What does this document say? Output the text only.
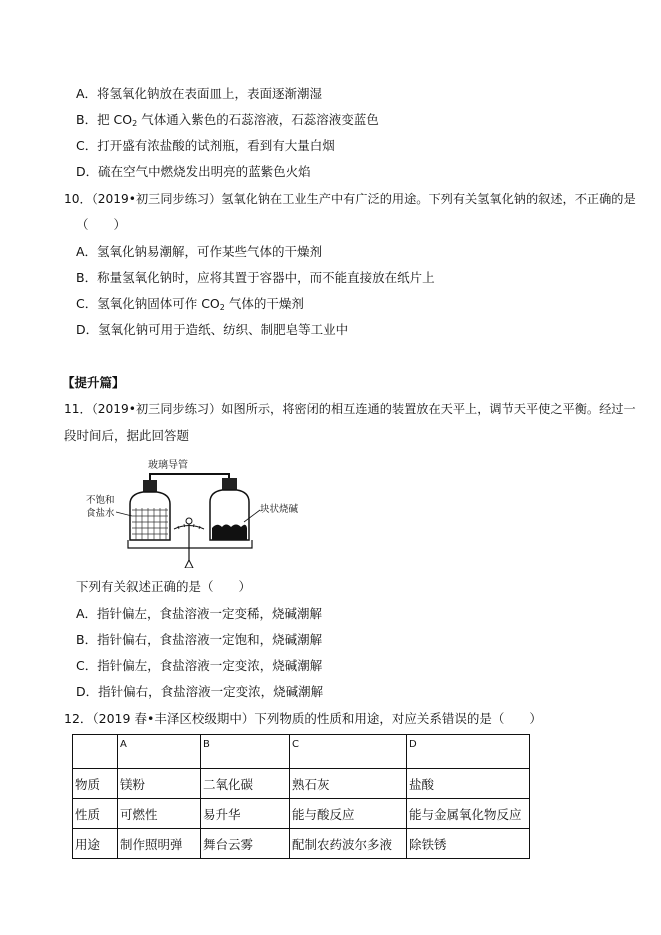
A．将氢氧化钠放在表面皿上，表面逐渐潮湿
B．把 $CO_2$ 气体通入紫色的石蕊溶液，石蕊溶液变蓝色
C．打开盛有浓盐酸的试剂瓶，看到有大量白烟
D．硫在空气中燃烧发出明亮的蓝紫色火焰
10．（2019•初三同步练习）氢氧化钠在工业生产中有广泛的用途。下列有关氢氧化钠的叙述，不正确的是
（　　）
A．氢氧化钠易潮解，可作某些气体的干燥剂
B．称量氢氧化钠时，应将其置于容器中，而不能直接放在纸片上
C．氢氧化钠固体可作 $CO_2$ 气体的干燥剂
D．氢氧化钠可用于造纸、纺织、制肥皂等工业中
【提升篇】
11．（2019•初三同步练习）如图所示，将密闭的相互连通的装置放在天平上，调节天平使之平衡。经过一
段时间后，据此回答题
玻璃导管
不饱和
食盐水	块状烧碱
下列有关叙述正确的是（　　）
A．指针偏左，食盐溶液一定变稀，烧碱潮解
B．指针偏右，食盐溶液一定饱和，烧碱潮解
C．指针偏左，食盐溶液一定变浓，烧碱潮解
D．指针偏右，食盐溶液一定变浓，烧碱潮解
12．（2019 春•丰泽区校级期中）下列物质的性质和用途，对应关系错误的是（　　）
	A	B	C	D
物质	镁粉	二氧化碳	熟石灰	盐酸
性质	可燃性	易升华	能与酸反应	能与金属氧化物反应
用途	制作照明弹	舞台云雾	配制农药波尔多液	除铁锈
